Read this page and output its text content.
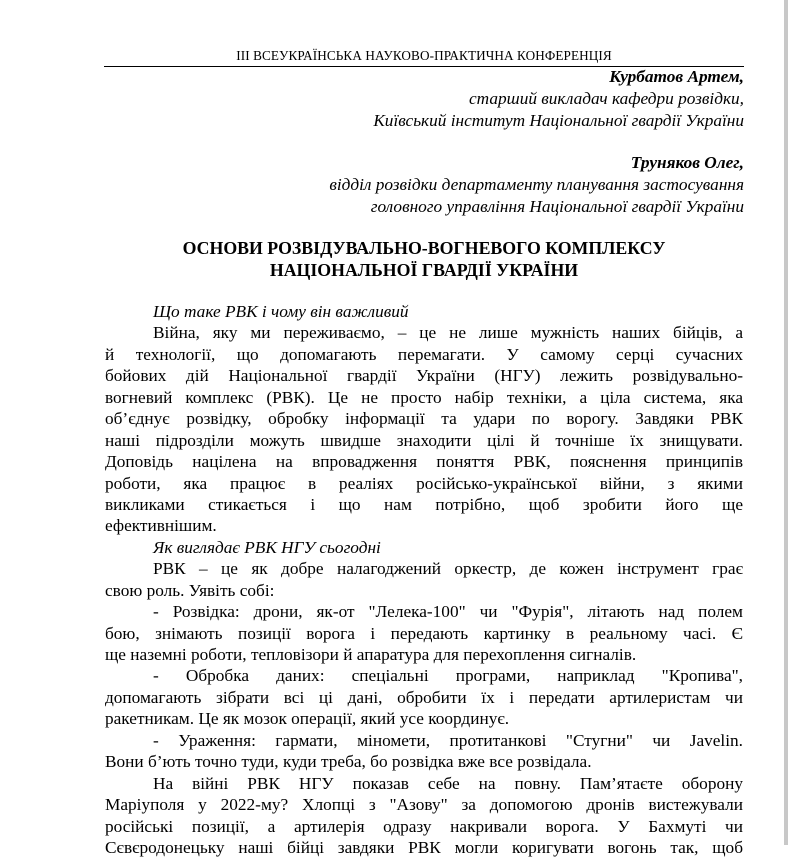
ІІІ ВСЕУКРАЇНСЬКА НАУКОВО-ПРАКТИЧНА КОНФЕРЕНЦІЯ
Курбатов Артем,
старший викладач кафедри розвідки,
Київський інститут Національної гвардії України
Труняков Олег,
відділ розвідки департаменту планування застосування
головного управління Національної гвардії України
ОСНОВИ РОЗВІДУВАЛЬНО-ВОГНЕВОГО КОМПЛЕКСУ
НАЦІОНАЛЬНОЇ ГВАРДІЇ УКРАЇНИ
Що таке РВК і чому він важливий
Війна, яку ми переживаємо, – це не лише мужність наших бійців, а
й технології, що допомагають перемагати. У самому серці сучасних
бойових дій Національної гвардії України (НГУ) лежить розвідувально-
вогневий комплекс (РВК). Це не просто набір техніки, а ціла система, яка
об’єднує розвідку, обробку інформації та удари по ворогу. Завдяки РВК
наші підрозділи можуть швидше знаходити цілі й точніше їх знищувати.
Доповідь націлена на впровадження поняття РВК, пояснення принципів
роботи, яка працює в реаліях російсько-української війни, з якими
викликами стикається і що нам потрібно, щоб зробити його ще
ефективнішим.
Як виглядає РВК НГУ сьогодні
РВК – це як добре налагоджений оркестр, де кожен інструмент грає
свою роль. Уявіть собі:
- Розвідка: дрони, як-от "Лелека-100" чи "Фурія", літають над полем
бою, знімають позиції ворога і передають картинку в реальному часі. Є
ще наземні роботи, тепловізори й апаратура для перехоплення сигналів.
- Обробка даних: спеціальні програми, наприклад "Кропива",
допомагають зібрати всі ці дані, обробити їх і передати артилеристам чи
ракетникам. Це як мозок операції, який усе координує.
- Ураження: гармати, міномети, протитанкові "Стугни" чи Javelin.
Вони б’ють точно туди, куди треба, бо розвідка вже все розвідала.
На війні РВК НГУ показав себе на повну. Пам’ятаєте оборону
Маріуполя у 2022-му? Хлопці з "Азову" за допомогою дронів вистежували
російські позиції, а артилерія одразу накривали ворога. У Бахмуті чи
Сєвєродонецьку наші бійці завдяки РВК могли коригувати вогонь так, щоб
